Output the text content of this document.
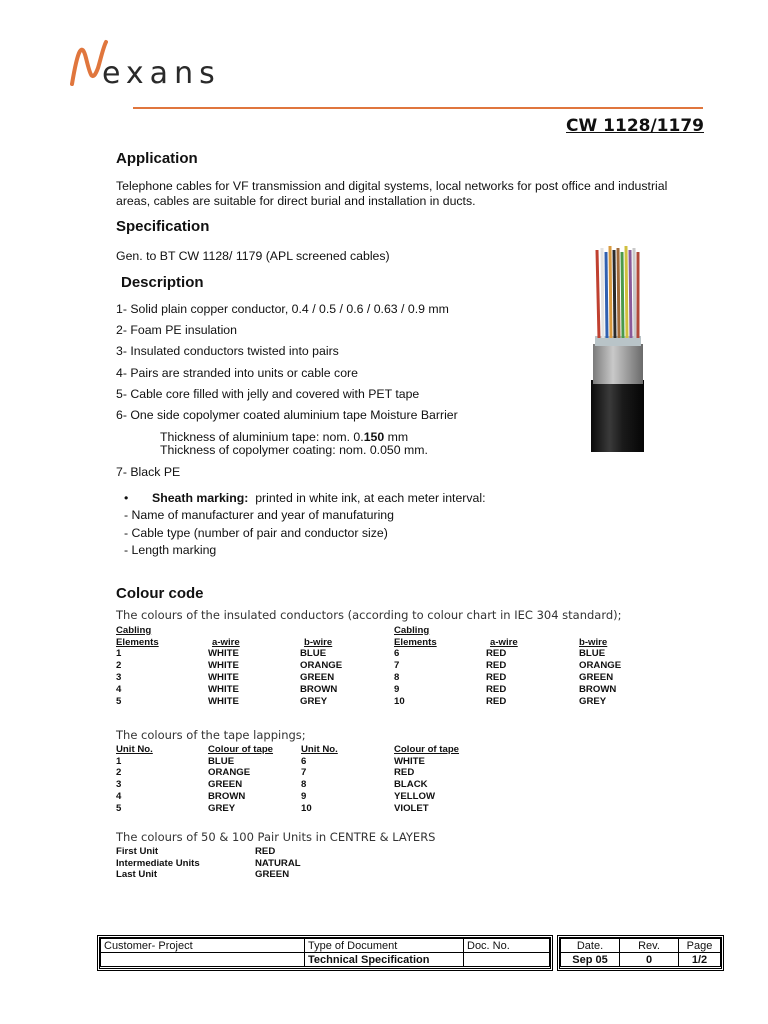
exans
CW 1128/1179
Application
Telephone cables for VF transmission and digital systems, local networks for post office and industrial
areas, cables are suitable for direct burial and installation in ducts.
Specification
Gen. to BT CW 1128/ 1179 (APL screened cables)
Description
1- Solid plain copper conductor, 0.4 / 0.5 / 0.6 / 0.63 / 0.9 mm
2- Foam PE insulation
3- Insulated conductors twisted into pairs
4- Pairs are stranded into units or cable core
5- Cable core filled with jelly and covered with PET tape
6- One side copolymer coated aluminium tape Moisture Barrier
Thickness of aluminium tape: nom. 0.150 mm
Thickness of copolymer coating: nom. 0.050 mm.
7- Black PE
• Sheath marking: printed in white ink, at each meter interval:
- Name of manufacturer and year of manufaturing
- Cable type (number of pair and conductor size)
- Length marking
Colour code
The colours of the insulated conductors (according to colour chart in IEC 304 standard);
Cabling			Cabling		
Elements	a-wire	b-wire	Elements	a-wire	b-wire
1	WHITE	BLUE	6	RED	BLUE
2	WHITE	ORANGE	7	RED	ORANGE
3	WHITE	GREEN	8	RED	GREEN
4	WHITE	BROWN	9	RED	BROWN
5	WHITE	GREY	10	RED	GREY
The colours of the tape lappings;
Unit No.	Colour of tape	Unit No.	Colour of tape
1	BLUE	6	WHITE
2	ORANGE	7	RED
3	GREEN	8	BLACK
4	BROWN	9	YELLOW
5	GREY	10	VIOLET
The colours of 50 & 100 Pair Units in CENTRE & LAYERS
First Unit	RED
Intermediate Units	NATURAL
Last Unit	GREEN
Customer- Project	Type of Document	Doc. No.
	Technical Specification	
Date.	Rev.	Page
Sep 05	0	1/2
